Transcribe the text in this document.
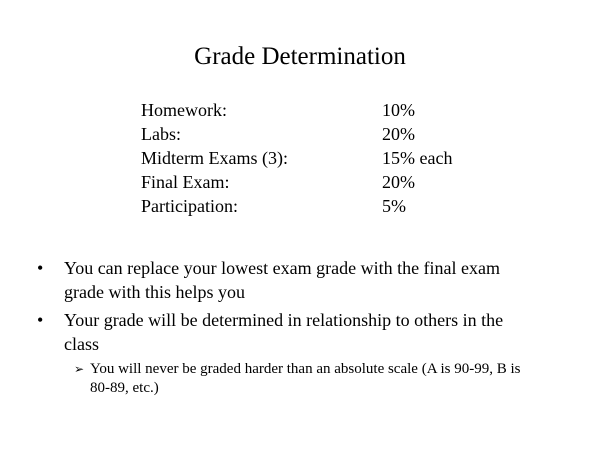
Grade Determination
Homework:	10%
Labs:	20%
Midterm Exams (3):	15% each
Final Exam:	20%
Participation:	5%
• You can replace your lowest exam grade with the final exam grade with this helps you
• Your grade will be determined in relationship to others in the class
➢ You will never be graded harder than an absolute scale (A is 90-99, B is 80-89, etc.)
